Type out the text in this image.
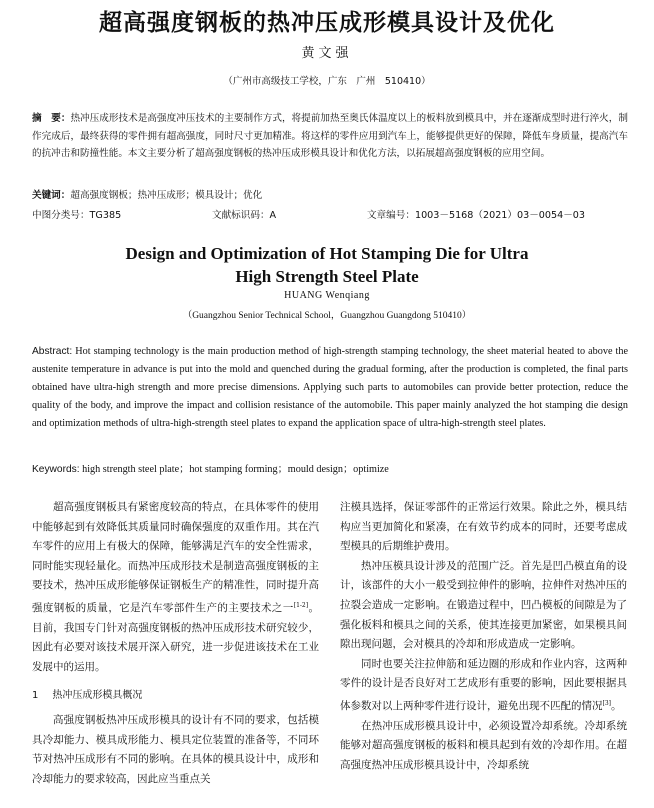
超高强度钢板的热冲压成形模具设计及优化
黄文强
（广州市高级技工学校，广东　广州　510410）
摘　要：热冲压成形技术是高强度冲压技术的主要制作方式，将提前加热至奥氏体温度以上的板料放到模具中，并在逐渐成型时进行淬火，制作完成后，最终获得的零件拥有超高强度，同时尺寸更加精准。将这样的零件应用到汽车上，能够提供更好的保障，降低车身质量，提高汽车的抗冲击和防撞性能。本文主要分析了超高强度钢板的热冲压成形模具设计和优化方法，以拓展超高强度钢板的应用空间。
关键词：超高强度钢板；热冲压成形；模具设计；优化
中图分类号：TG385	文献标识码：A	文章编号：1003－5168（2021）03－0054－03
Design and Optimization of Hot Stamping Die for Ultra
High Strength Steel Plate
HUANG Wenqiang
（Guangzhou Senior Technical School，Guangzhou Guangdong 510410）
Abstract: Hot stamping technology is the main production method of high-strength stamping technology, the sheet material heated to above the austenite temperature in advance is put into the mold and quenched during the gradual forming, after the production is completed, the final parts obtained have ultra-high strength and more precise dimensions. Applying such parts to automobiles can provide better protection, reduce the quality of the body, and improve the impact and collision resistance of the automobile. This paper mainly analyzed the hot stamping die design and optimization methods of ultra-high-strength steel plates to expand the application space of ultra-high-strength steel plates.
Keywords: high strength steel plate；hot stamping forming；mould design；optimize

超高强度钢板具有紧密度较高的特点，在具体零件的使用中能够起到有效降低其质量同时确保强度的双重作用。其在汽车零件的应用上有极大的保障，能够满足汽车的安全性需求，同时能实现轻量化。而热冲压成形技术是制造高强度钢板的主要技术，热冲压成形能够保证钢板生产的精准性，同时提升高强度钢板的质量，它是汽车零部件生产的主要技术之一[1-2]。目前，我国专门针对高强度钢板的热冲压成形技术研究较少，因此有必要对该技术展开深入研究，进一步促进该技术在工业发展中的运用。

1 热冲压成形模具概况

高强度钢板热冲压成形模具的设计有不同的要求，包括模具冷却能力、模具成形能力、模具定位装置的准备等，不同环节对热冲压成形有不同的影响。在具体的模具设计中，成形和冷却能力的要求较高，因此应当重点关

注模具选择，保证零部件的正常运行效果。除此之外，模具结构应当更加简化和紧凑，在有效节约成本的同时，还要考虑成型模具的后期维护费用。

热冲压模具设计涉及的范围广泛。首先是凹凸模直角的设计，该部件的大小一般受到拉伸件的影响，拉伸件对热冲压的拉裂会造成一定影响。在锻造过程中，凹凸模板的间隙是为了强化板料和模具之间的关系，使其连接更加紧密，如果模具间隙出现问题，会对模具的冷却和形成造成一定影响。

同时也要关注拉伸筋和延边圈的形成和作业内容，这两种零件的设计是否良好对工艺成形有重要的影响，因此要根据具体参数对以上两种零件进行设计，避免出现不匹配的情况[3]。

在热冲压成形模具设计中，必须设置冷却系统。冷却系统能够对超高强度钢板的板料和模具起到有效的冷却作用。在超高强度热冲压成形模具设计中，冷却系统
